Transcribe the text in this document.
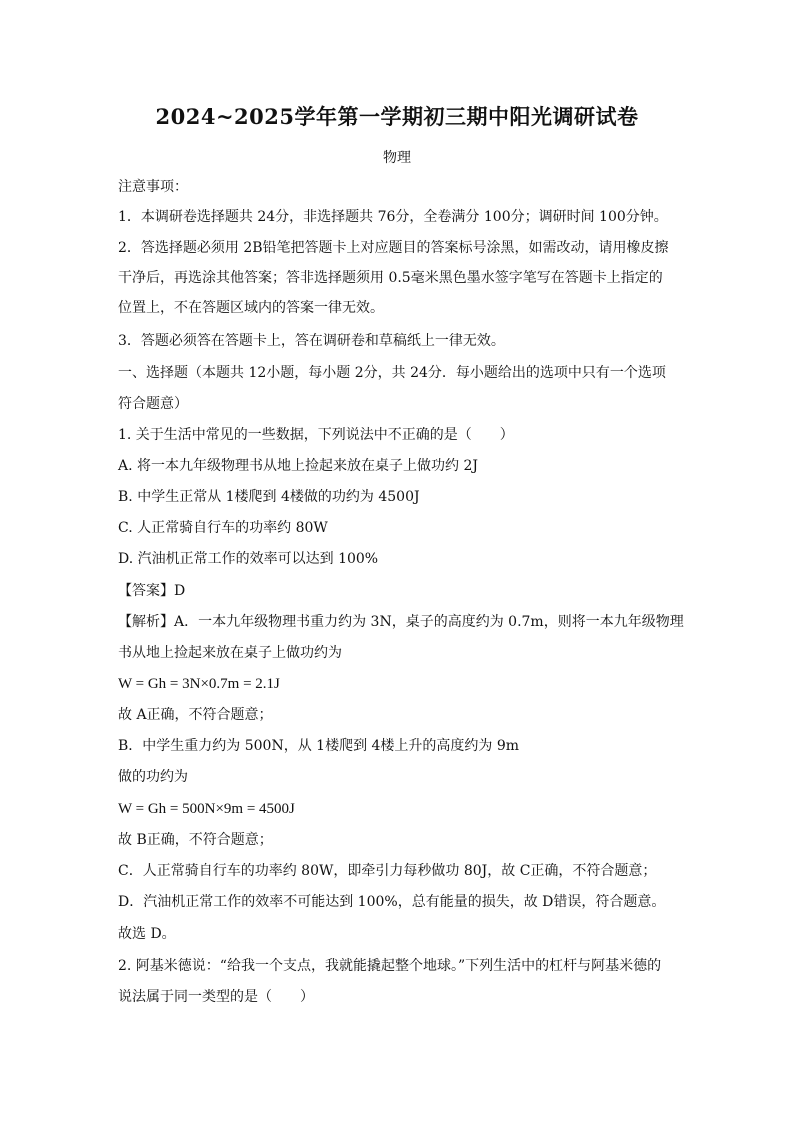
2024~2025学年第一学期初三期中阳光调研试卷
物理
注意事项：
1．本调研卷选择题共 24分，非选择题共 76分，全卷满分 100分；调研时间 100分钟。
2．答选择题必须用 2B铅笔把答题卡上对应题目的答案标号涂黑，如需改动，请用橡皮擦
干净后，再选涂其他答案；答非选择题须用 0.5毫米黑色墨水签字笔写在答题卡上指定的
位置上，不在答题区域内的答案一律无效。
3．答题必须答在答题卡上，答在调研卷和草稿纸上一律无效。
一、选择题（本题共 12小题，每小题 2分，共 24分．每小题给出的选项中只有一个选项
符合题意）
1. 关于生活中常见的一些数据，下列说法中不正确的是（　　）
A. 将一本九年级物理书从地上捡起来放在桌子上做功约 2J
B. 中学生正常从 1楼爬到 4楼做的功约为 4500J
C. 人正常骑自行车的功率约 80W
D. 汽油机正常工作的效率可以达到 100%
【答案】D
【解析】A．一本九年级物理书重力约为 3N，桌子的高度约为 0.7m，则将一本九年级物理
书从地上捡起来放在桌子上做功约为
W = Gh = 3N×0.7m = 2.1J
故 A正确，不符合题意；
B．中学生重力约为 500N，从 1楼爬到 4楼上升的高度约为 9m
做的功约为
W = Gh = 500N×9m = 4500J
故 B正确，不符合题意；
C．人正常骑自行车的功率约 80W，即牵引力每秒做功 80J，故 C正确，不符合题意；
D．汽油机正常工作的效率不可能达到 100%，总有能量的损失，故 D错误，符合题意。
故选 D。
2. 阿基米德说：“给我一个支点，我就能撬起整个地球。”下列生活中的杠杆与阿基米德的
说法属于同一类型的是（　　）
